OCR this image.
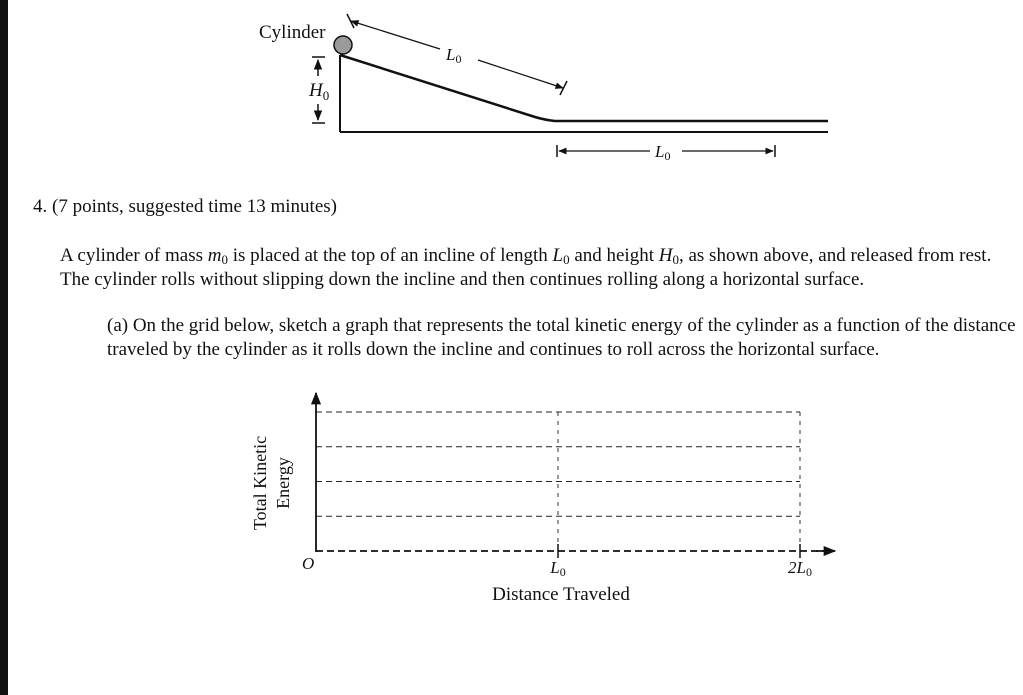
Cylinder
$H_0$
L0
L0
L0	2L0
O
Distance Traveled
Total Kinetic Energy
4. (7 points, suggested time 13 minutes)

A cylinder of mass $m_0$ is placed at the top of an incline of length $L_0$ and height $H_0$, as shown above, and released from rest. The cylinder rolls without slipping down the incline and then continues rolling along a horizontal surface.

(a) On the grid below, sketch a graph that represents the total kinetic energy of the cylinder as a function of the distance traveled by the cylinder as it rolls down the incline and continues to roll across the horizontal surface.
